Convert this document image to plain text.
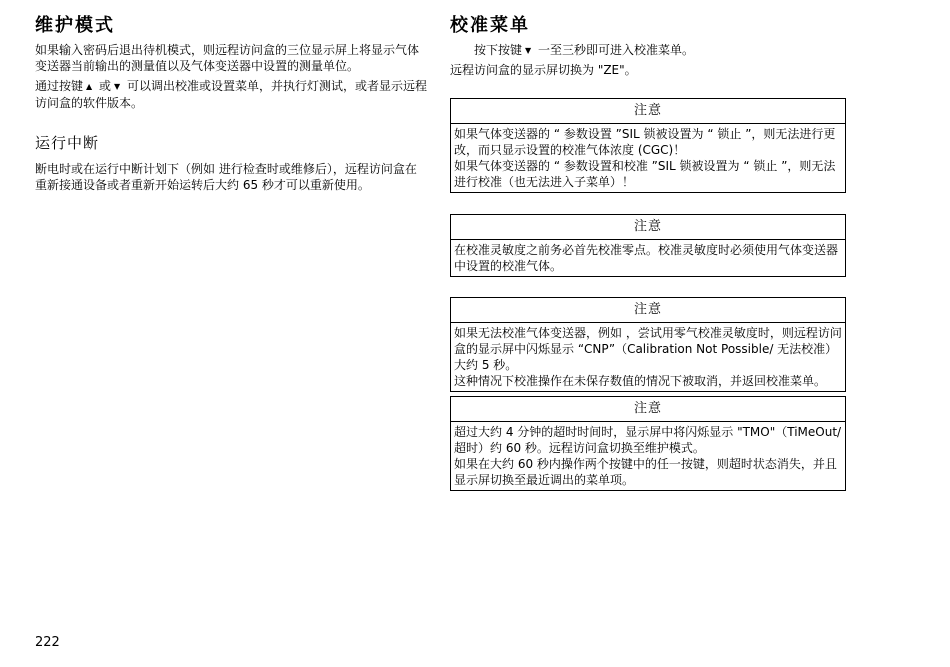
维护模式

如果输入密码后退出待机模式，则远程访问盒的三位显示屏上将显示气体变送器当前输出的测量值以及气体变送器中设置的测量单位。

通过按键 ▲ 或 ▼ 可以调出校准或设置菜单，并执行灯测试，或者显示远程访问盒的软件版本。

运行中断

断电时或在运行中断计划下（例如 进行检查时或维修后），远程访问盒在重新接通设备或者重新开始运转后大约 65 秒才可以重新使用。

校准菜单

按下按键 ▼ 一至三秒即可进入校准菜单。

远程访问盒的显示屏切换为 "ZE"。

注意
如果气体变送器的 “ 参数设置 ”SIL 锁被设置为 “ 锁止 ”，则无法进行更改，而只显示设置的校准气体浓度 (CGC)！
如果气体变送器的 “ 参数设置和校准 ”SIL 锁被设置为 “ 锁止 ”，则无法进行校准（也无法进入子菜单）！
注意
在校准灵敏度之前务必首先校准零点。校准灵敏度时必须使用气体变送器中设置的校准气体。
注意
如果无法校准气体变送器，例如 ，尝试用零气校准灵敏度时，则远程访问盒的显示屏中闪烁显示 “CNP”（Calibration Not Possible/ 无法校准）大约 5 秒。
这种情况下校准操作在未保存数值的情况下被取消，并返回校准菜单。
注意
超过大约 4 分钟的超时时间时，显示屏中将闪烁显示 "TMO"（TiMeOut/ 超时）约 60 秒。远程访问盒切换至维护模式。
如果在大约 60 秒内操作两个按键中的任一按键，则超时状态消失，并且显示屏切换至最近调出的菜单项。
222
